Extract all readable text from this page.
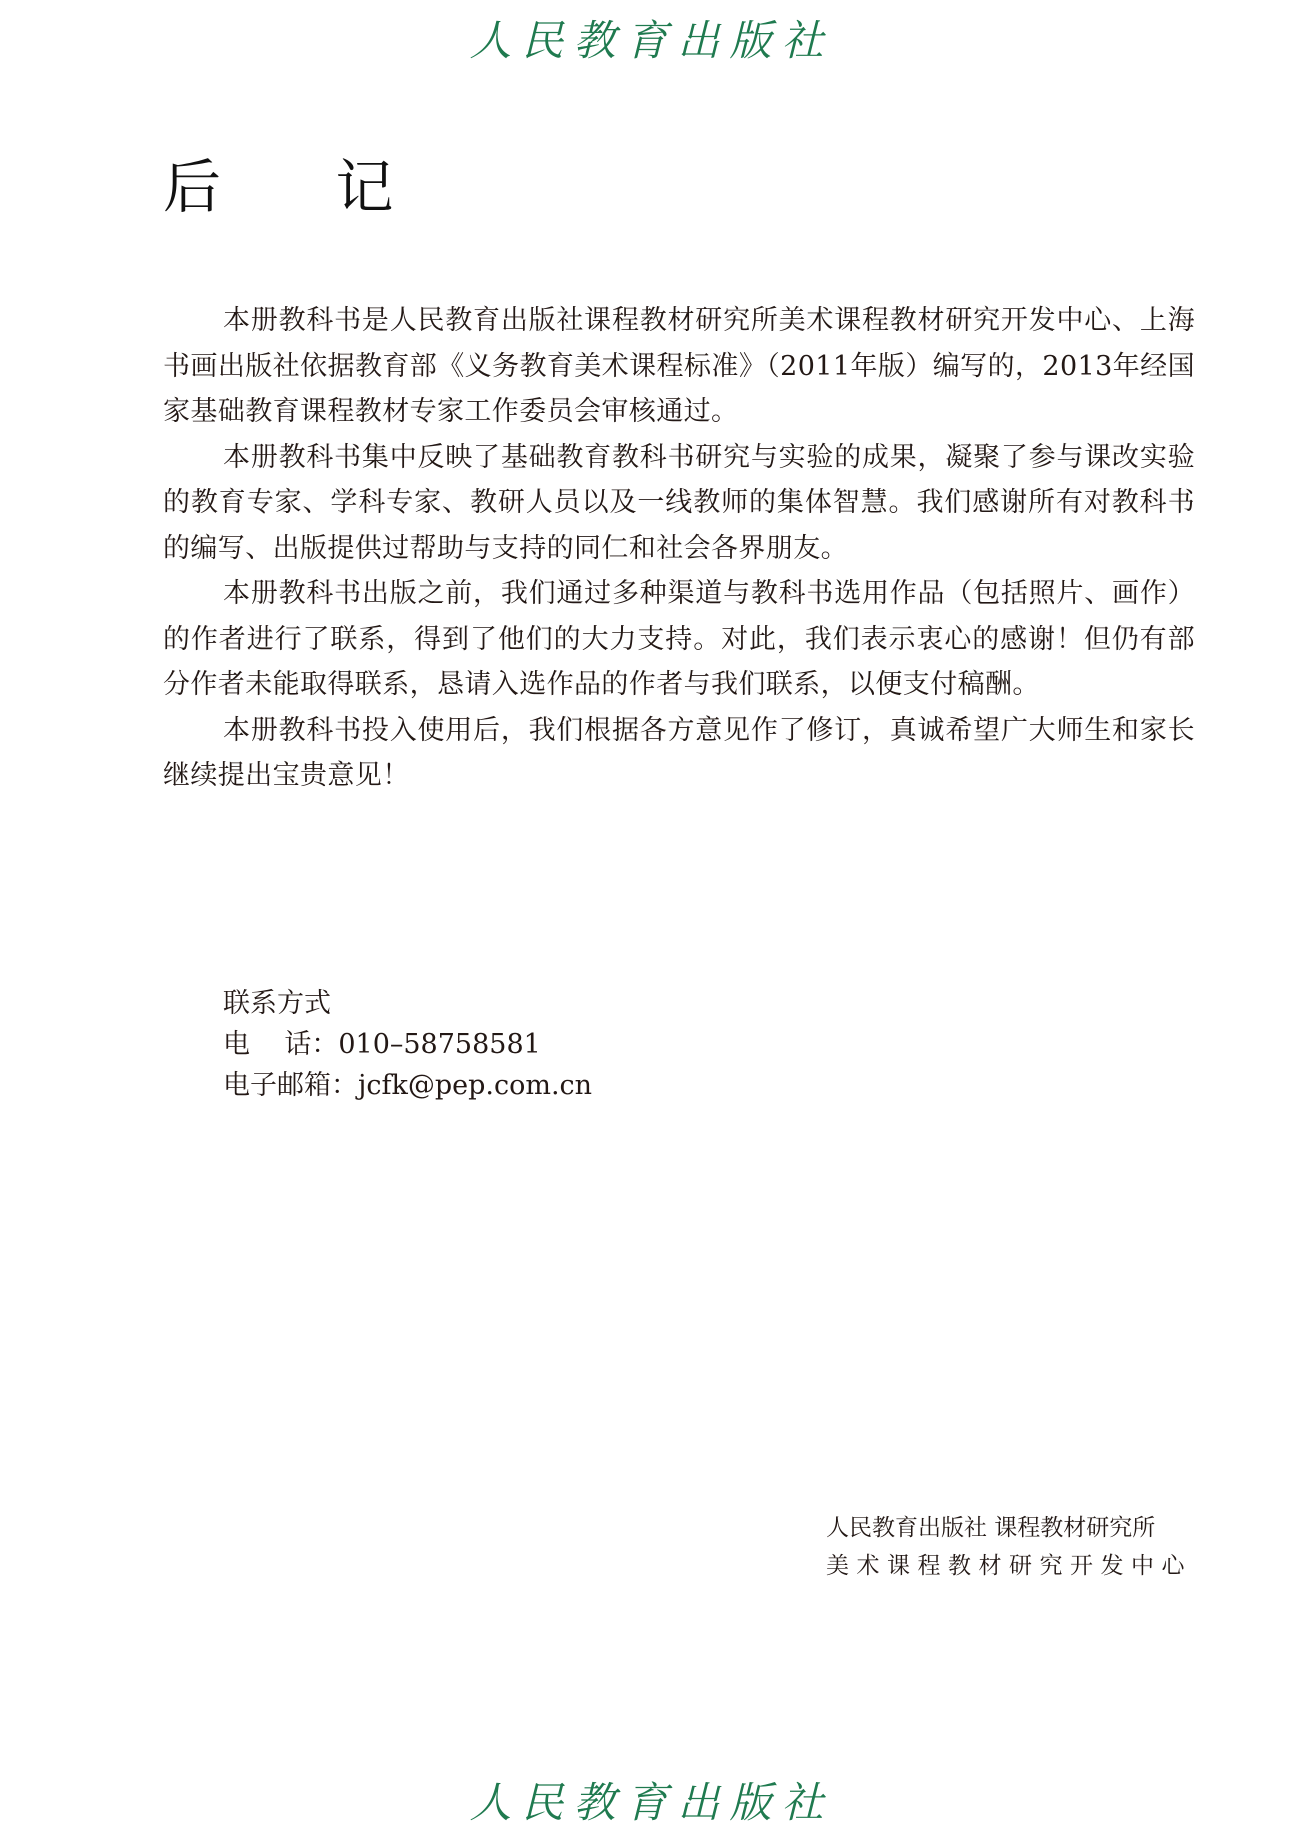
人民教育出版社
后 记

本册教科书是人民教育出版社课程教材研究所美术课程教材研究开发中心、上海书画出版社依据教育部《义务教育美术课程标准》（2011年版）编写的，2013年经国家基础教育课程教材专家工作委员会审核通过。

本册教科书集中反映了基础教育教科书研究与实验的成果，凝聚了参与课改实验的教育专家、学科专家、教研人员以及一线教师的集体智慧。我们感谢所有对教科书的编写、出版提供过帮助与支持的同仁和社会各界朋友。

本册教科书出版之前，我们通过多种渠道与教科书选用作品（包括照片、画作）的作者进行了联系，得到了他们的大力支持。对此，我们表示衷心的感谢！但仍有部分作者未能取得联系，恳请入选作品的作者与我们联系，以便支付稿酬。

本册教科书投入使用后，我们根据各方意见作了修订，真诚希望广大师生和家长继续提出宝贵意见！

联系方式
电    话： 010–58758581
电子邮箱： jcfk@pep.com.cn
人民教育出版社 课程教材研究所
美术课程教材研究开发中心
人民教育出版社
